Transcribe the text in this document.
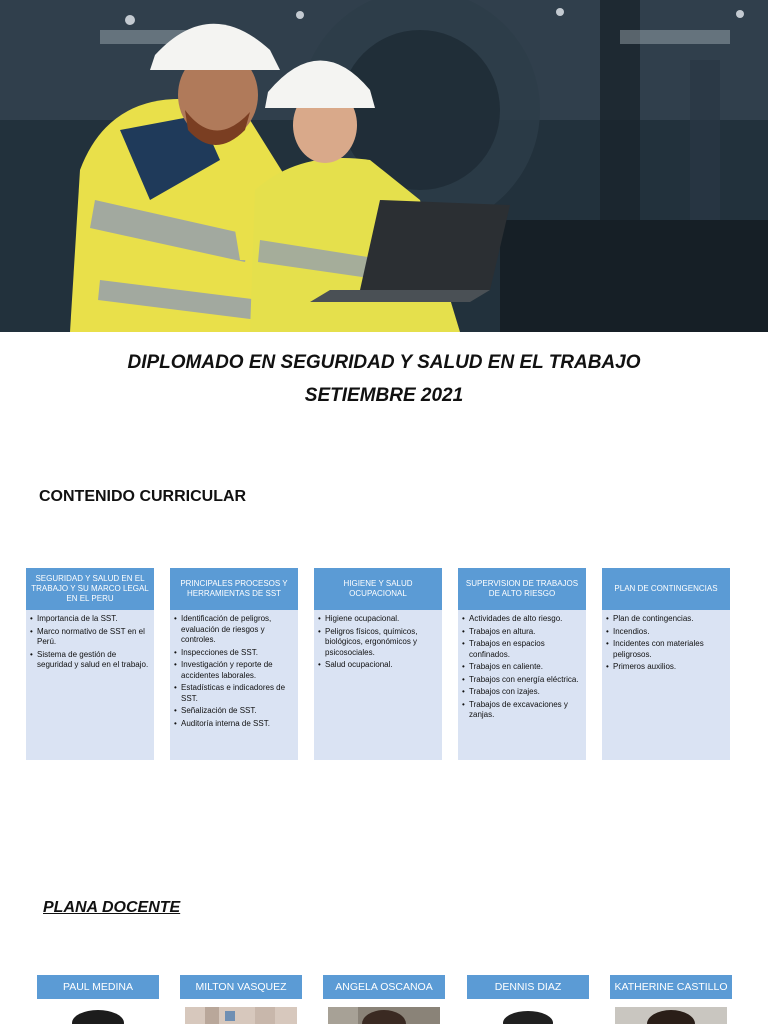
DIPLOMADO EN SEGURIDAD Y SALUD EN EL TRABAJO
SETIEMBRE 2021
CONTENIDO CURRICULAR
SEGURIDAD Y SALUD EN EL TRABAJO Y SU MARCO LEGAL EN EL PERU
• Importancia de la SST.
• Marco normativo de SST en el Perú.
• Sistema de gestión de seguridad y salud en el trabajo.
PRINCIPALES PROCESOS Y HERRAMIENTAS DE SST
• Identificación de peligros, evaluación de riesgos y controles.
• Inspecciones de SST.
• Investigación y reporte de accidentes laborales.
• Estadísticas e indicadores de SST.
• Señalización de SST.
• Auditoría interna de SST.
HIGIENE Y SALUD OCUPACIONAL
• Higiene ocupacional.
• Peligros físicos, químicos, biológicos, ergonómicos y psicosociales.
• Salud ocupacional.
SUPERVISION DE TRABAJOS DE ALTO RIESGO
• Actividades de alto riesgo.
• Trabajos en altura.
• Trabajos en espacios confinados.
• Trabajos en caliente.
• Trabajos con energía eléctrica.
• Trabajos con izajes.
• Trabajos de excavaciones y zanjas.
PLAN DE CONTINGENCIAS
• Plan de contingencias.
• Incendios.
• Incidentes con materiales peligrosos.
• Primeros auxilios.
PLANA DOCENTE
PAUL MEDINA	MILTON VASQUEZ	ANGELA OSCANOA	DENNIS DIAZ	KATHERINE CASTILLO
